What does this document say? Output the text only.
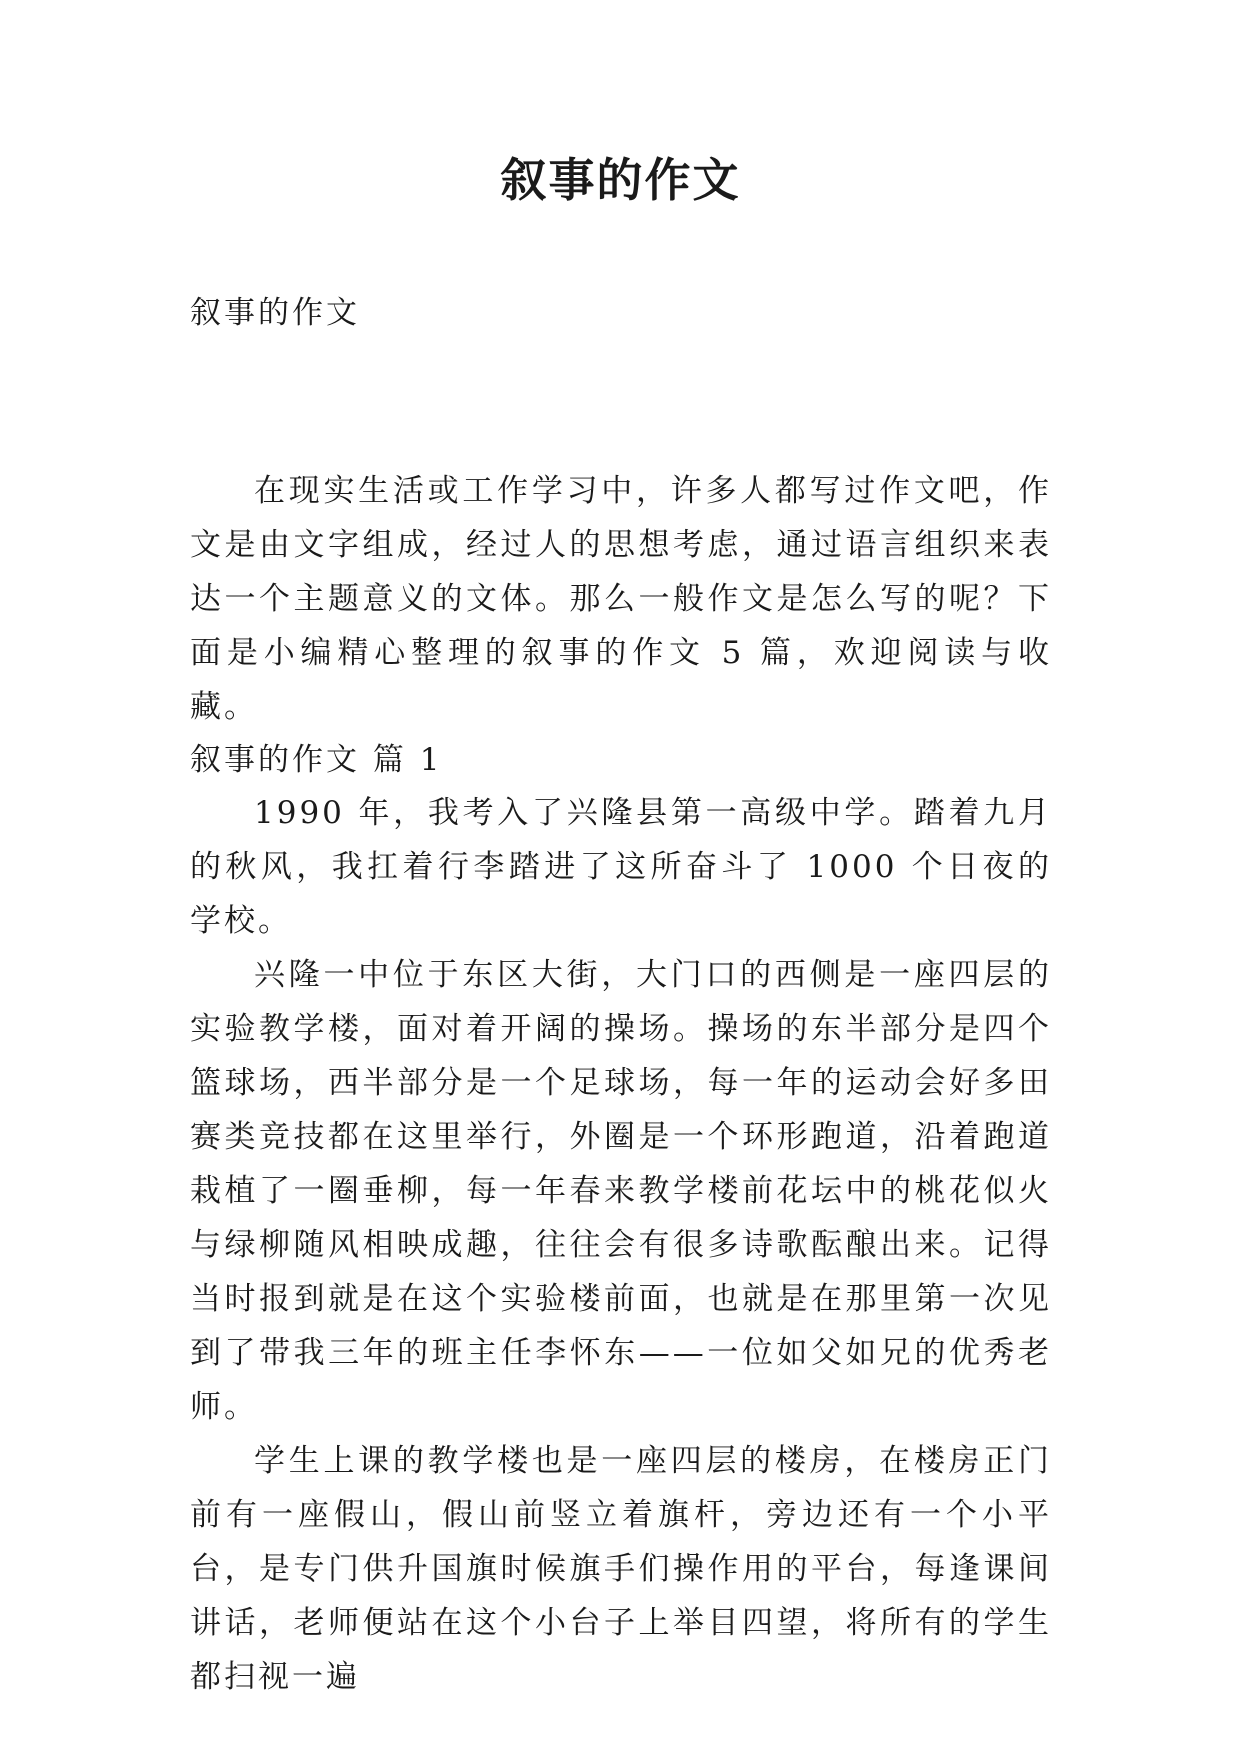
叙事的作文

叙事的作文

在现实生活或工作学习中，许多人都写过作文吧，作文是由文字组成，经过人的思想考虑，通过语言组织来表达一个主题意义的文体。那么一般作文是怎么写的呢？下面是小编精心整理的叙事的作文 5 篇，欢迎阅读与收藏。

叙事的作文 篇 1

1990 年，我考入了兴隆县第一高级中学。踏着九月的秋风，我扛着行李踏进了这所奋斗了 1000 个日夜的学校。

兴隆一中位于东区大街，大门口的西侧是一座四层的实验教学楼，面对着开阔的操场。操场的东半部分是四个篮球场，西半部分是一个足球场，每一年的运动会好多田赛类竞技都在这里举行，外圈是一个环形跑道，沿着跑道栽植了一圈垂柳，每一年春来教学楼前花坛中的桃花似火与绿柳随风相映成趣，往往会有很多诗歌酝酿出来。记得当时报到就是在这个实验楼前面，也就是在那里第一次见到了带我三年的班主任李怀东——一位如父如兄的优秀老师。

学生上课的教学楼也是一座四层的楼房，在楼房正门前有一座假山，假山前竖立着旗杆，旁边还有一个小平台，是专门供升国旗时候旗手们操作用的平台，每逢课间讲话，老师便站在这个小台子上举目四望，将所有的学生都扫视一遍
